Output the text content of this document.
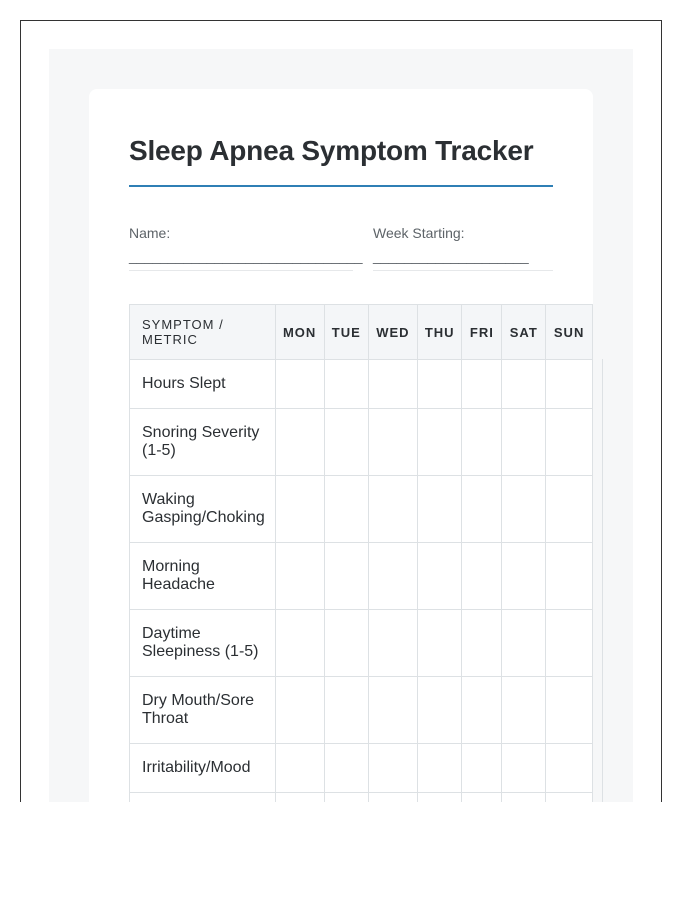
Sleep Apnea Symptom Tracker
Name:
______________________________
Week Starting:
____________________
SYMPTOM / METRIC	MON	TUE	WED	THU	FRI	SAT	SUN
Hours Slept							
Snoring Severity (1-5)							
Waking Gasping/Choking							
Morning Headache							
Daytime Sleepiness (1-5)							
Dry Mouth/Sore Throat							
Irritability/Mood							
